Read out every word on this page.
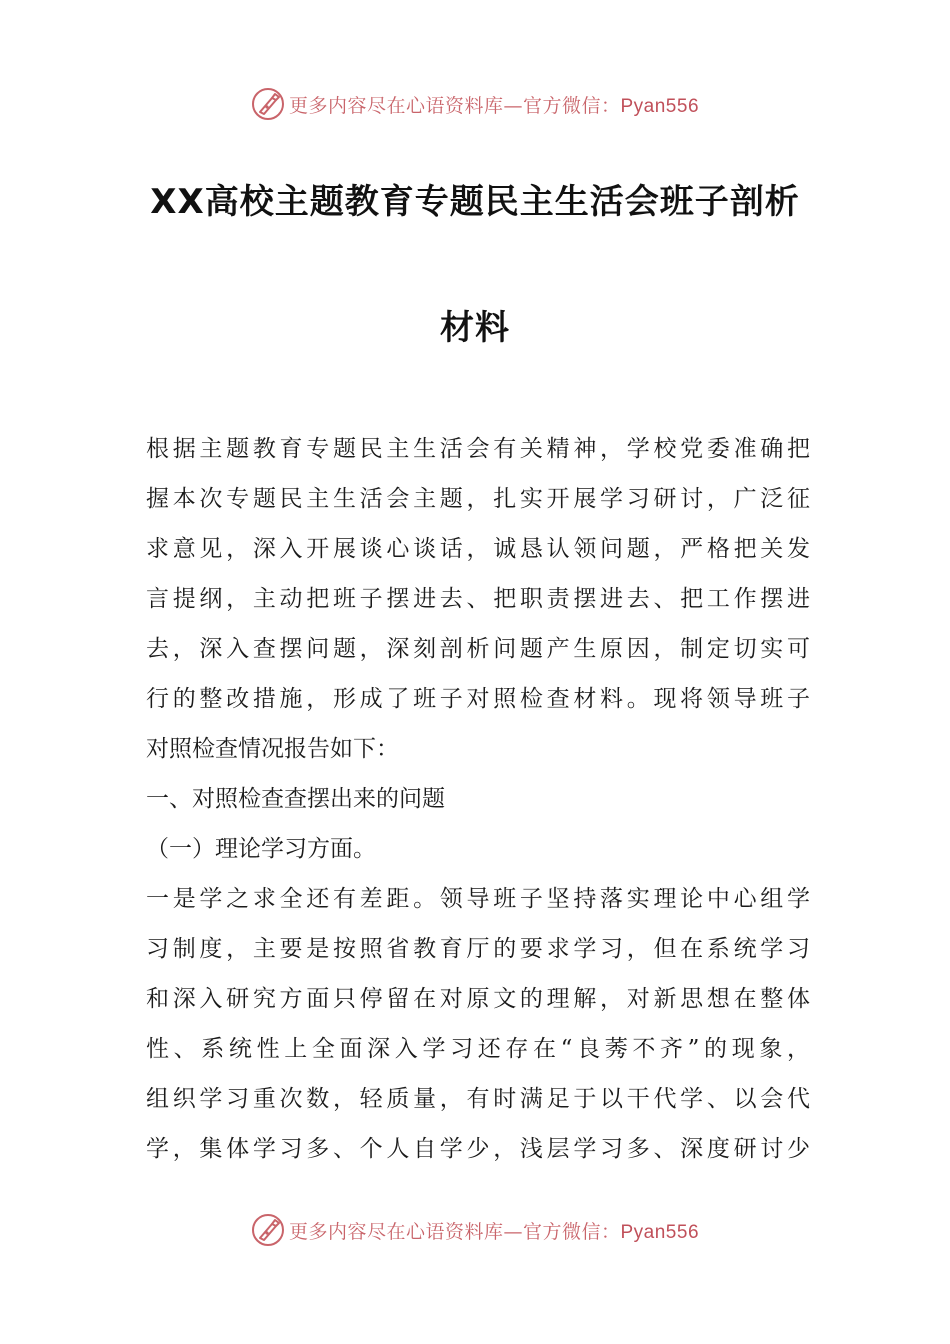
更多内容尽在心语资料库—官方微信：Pyan556
XX高校主题教育专题民主生活会班子剖析
材料
根据主题教育专题民主生活会有关精神，学校党委准确把
握本次专题民主生活会主题，扎实开展学习研讨，广泛征
求意见，深入开展谈心谈话，诚恳认领问题，严格把关发
言提纲，主动把班子摆进去、把职责摆进去、把工作摆进
去，深入查摆问题，深刻剖析问题产生原因，制定切实可
行的整改措施，形成了班子对照检查材料。现将领导班子
对照检查情况报告如下：
一、对照检查查摆出来的问题
（一）理论学习方面。
一是学之求全还有差距。领导班子坚持落实理论中心组学
习制度，主要是按照省教育厅的要求学习，但在系统学习
和深入研究方面只停留在对原文的理解，对新思想在整体
性、系统性上全面深入学习还存在“良莠不齐”的现象，
组织学习重次数，轻质量，有时满足于以干代学、以会代
学，集体学习多、个人自学少，浅层学习多、深度研讨少
更多内容尽在心语资料库—官方微信：Pyan556
